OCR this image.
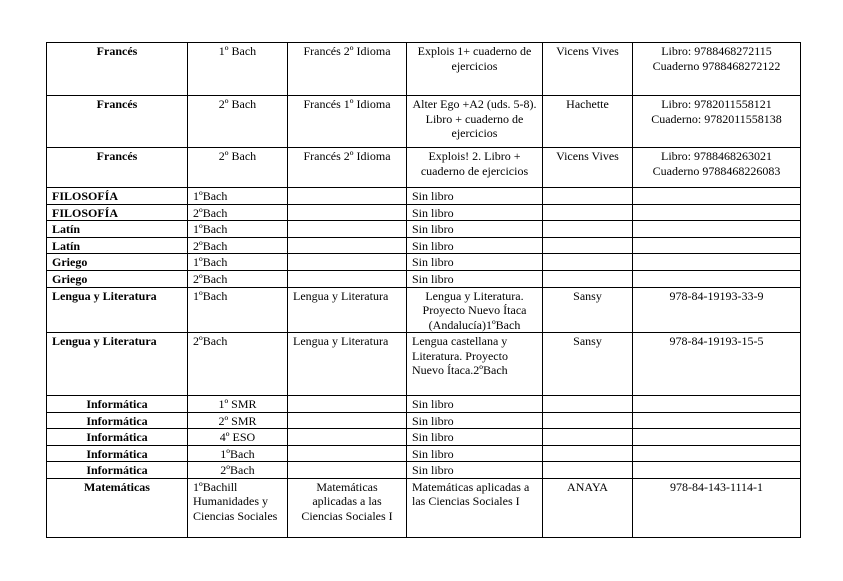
Francés	1º Bach	Francés 2º Idioma	Explois 1+ cuaderno de ejercicios	Vicens Vives	Libro: 9788468272115 Cuaderno 9788468272122
Francés	2º Bach	Francés 1º Idioma	Alter Ego +A2 (uds. 5-8). Libro + cuaderno de ejercicios	Hachette	Libro: 9782011558121 Cuaderno: 9782011558138
Francés	2º Bach	Francés 2º Idioma	Explois! 2. Libro + cuaderno de ejercicios	Vicens Vives	Libro: 9788468263021 Cuaderno 9788468226083
FILOSOFÍA	1ºBach		Sin libro		
FILOSOFÍA	2ºBach		Sin libro		
Latín	1ºBach		Sin libro		
Latín	2ºBach		Sin libro		
Griego	1ºBach		Sin libro		
Griego	2ºBach		Sin libro		
Lengua y Literatura	1ºBach	Lengua y Literatura	Lengua y Literatura. Proyecto Nuevo Ítaca (Andalucía)1ºBach	Sansy	978-84-19193-33-9
Lengua y Literatura	2ºBach	Lengua y Literatura	Lengua castellana y Literatura. Proyecto Nuevo Ítaca.2ºBach	Sansy	978-84-19193-15-5
Informática	1º SMR		Sin libro		
Informática	2º SMR		Sin libro		
Informática	4º ESO		Sin libro		
Informática	1ºBach		Sin libro		
Informática	2ºBach		Sin libro		
Matemáticas	1ºBachill Humanidades y Ciencias Sociales	Matemáticas aplicadas a las Ciencias Sociales I	Matemáticas aplicadas a las Ciencias Sociales I	ANAYA	978-84-143-1114-1
